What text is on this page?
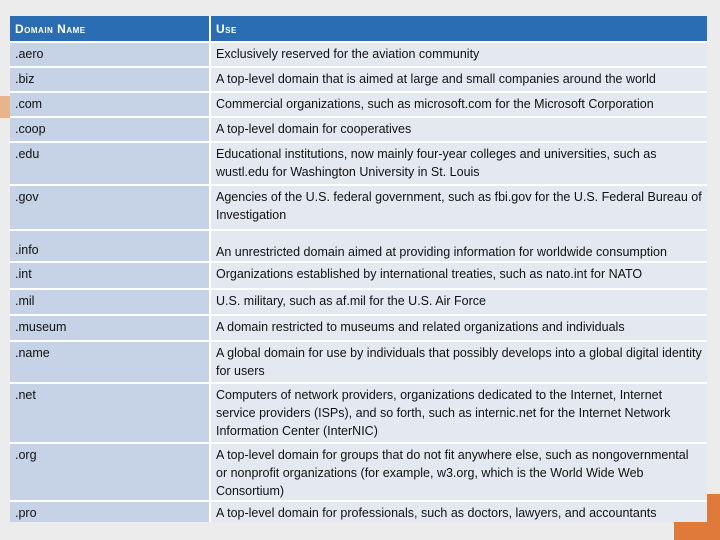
Domain Name	Use
.aero	Exclusively reserved for the aviation community
.biz	A top-level domain that is aimed at large and small companies around the world
.com	Commercial organizations, such as microsoft.com for the Microsoft Corporation
.coop	A top-level domain for cooperatives
.edu	Educational institutions, now mainly four-year colleges and universities, such as wustl.edu for Washington University in St. Louis
.gov	Agencies of the U.S. federal government, such as fbi.gov for the U.S. Federal Bureau of Investigation
.info	An unrestricted domain aimed at providing information for worldwide consumption
.int	Organizations established by international treaties, such as nato.int for NATO
.mil	U.S. military, such as af.mil for the U.S. Air Force
.museum	A domain restricted to museums and related organizations and individuals
.name	A global domain for use by individuals that possibly develops into a global digital identity for users
.net	Computers of network providers, organizations dedicated to the Internet, Internet service providers (ISPs), and so forth, such as internic.net for the Internet Network Information Center (InterNIC)
.org	A top-level domain for groups that do not fit anywhere else, such as nongovernmental or nonprofit organizations (for example, w3.org, which is the World Wide Web Consortium)
.pro	A top-level domain for professionals, such as doctors, lawyers, and accountants
